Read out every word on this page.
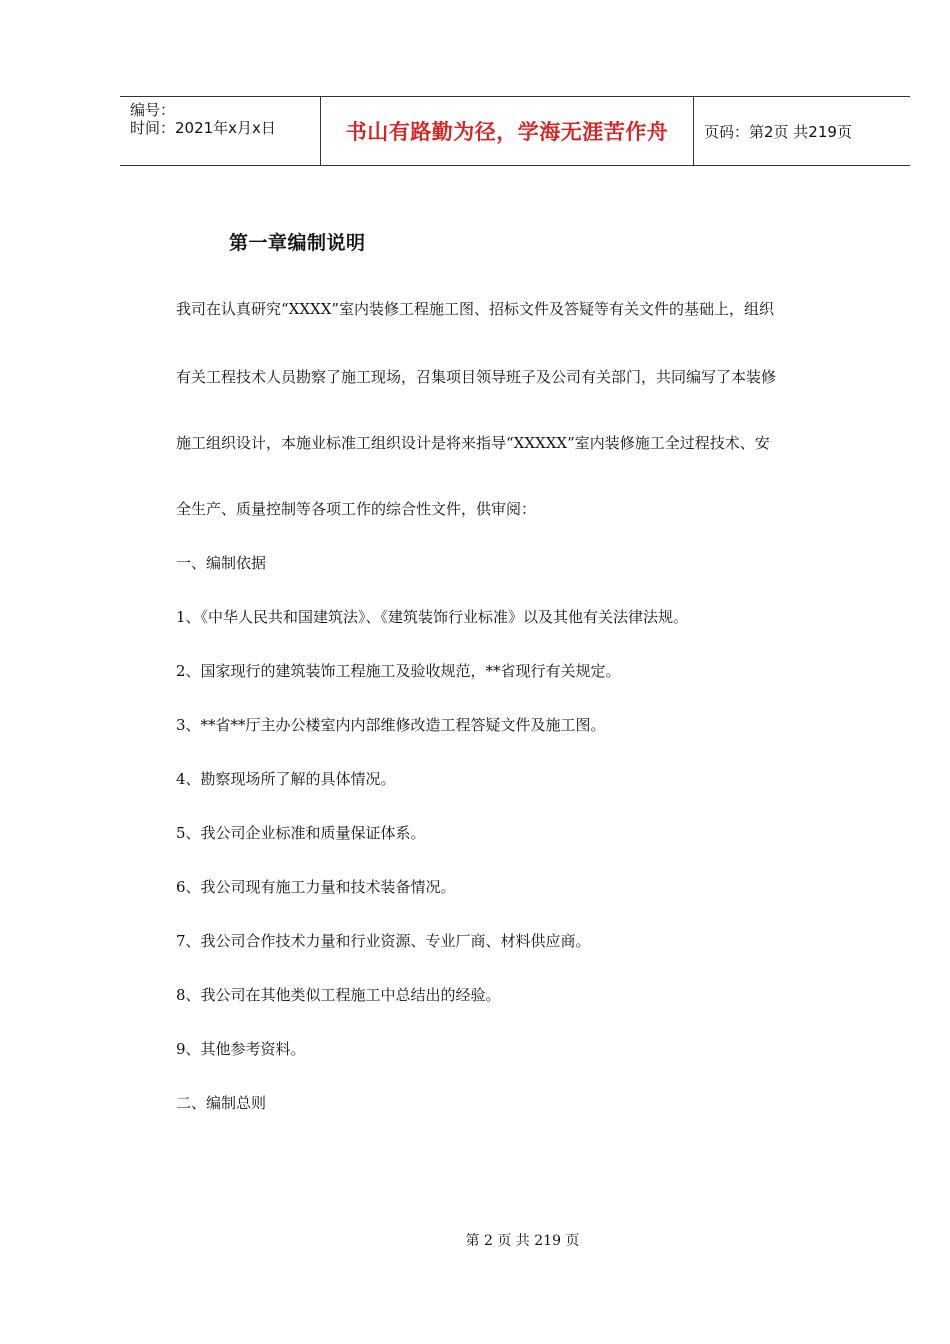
编号：
时间：2021年x月x日	书山有路勤为径，学海无涯苦作舟 页码：第2页 共219页
第一章编制说明
我司在认真研究“XXXX”室内装修工程施工图、招标文件及答疑等有关文件的基础上，组织
有关工程技术人员勘察了施工现场，召集项目领导班子及公司有关部门，共同编写了本装修
施工组织设计，本施业标准工组织设计是将来指导“XXXXX”室内装修施工全过程技术、安
全生产、质量控制等各项工作的综合性文件，供审阅：
一、编制依据
1、《中华人民共和国建筑法》、《建筑装饰行业标准》以及其他有关法律法规。
2、国家现行的建筑装饰工程施工及验收规范，**省现行有关规定。
3、**省**厅主办公楼室内内部维修改造工程答疑文件及施工图。
4、勘察现场所了解的具体情况。
5、我公司企业标准和质量保证体系。
6、我公司现有施工力量和技术装备情况。
7、我公司合作技术力量和行业资源、专业厂商、材料供应商。
8、我公司在其他类似工程施工中总结出的经验。
9、其他参考资料。
二、编制总则
第 2 页 共 219 页
